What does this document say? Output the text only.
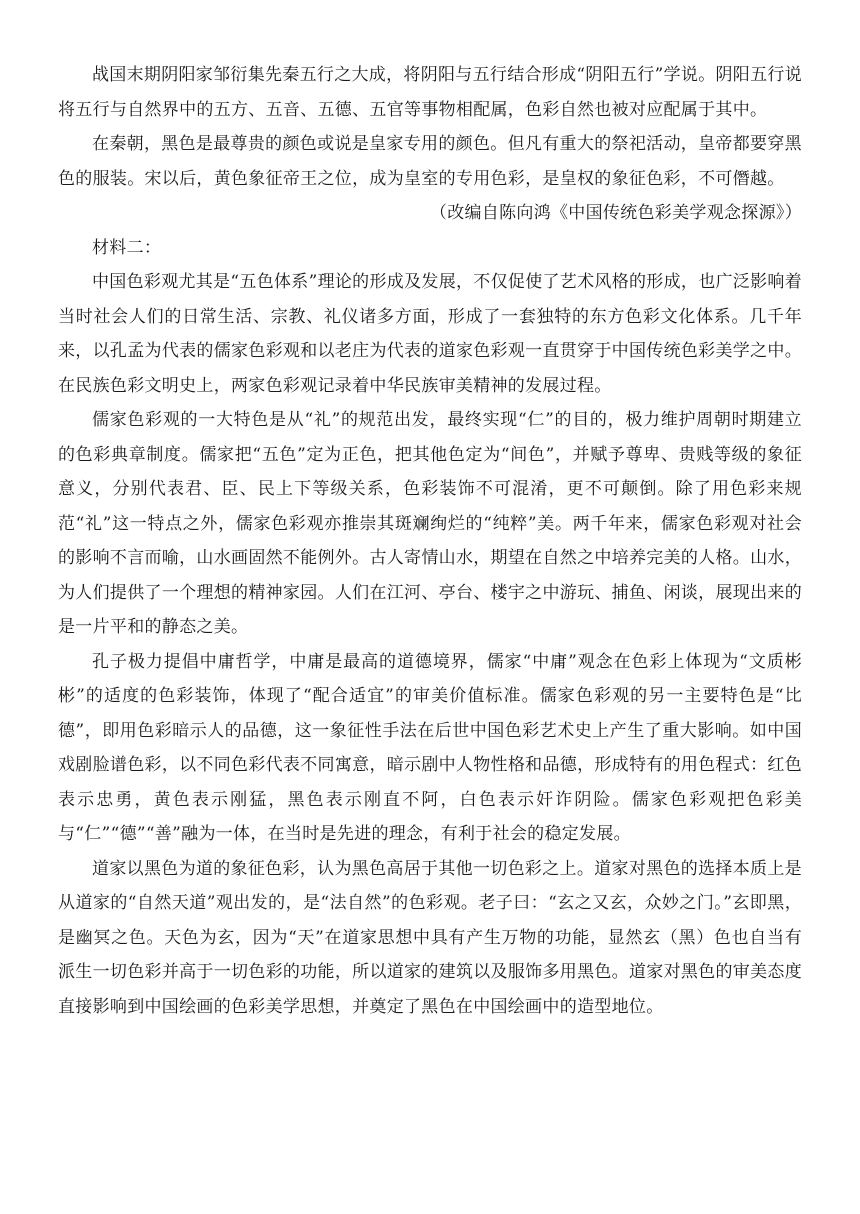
战国末期阴阳家邹衍集先秦五行之大成，将阴阳与五行结合形成“阴阳五行”学说。阴阳五行说将五行与自然界中的五方、五音、五德、五官等事物相配属，色彩自然也被对应配属于其中。

在秦朝，黑色是最尊贵的颜色或说是皇家专用的颜色。但凡有重大的祭祀活动，皇帝都要穿黑色的服装。宋以后，黄色象征帝王之位，成为皇室的专用色彩，是皇权的象征色彩，不可僭越。

（改编自陈向鸿《中国传统色彩美学观念探源》）

材料二：

中国色彩观尤其是“五色体系”理论的形成及发展，不仅促使了艺术风格的形成，也广泛影响着当时社会人们的日常生活、宗教、礼仪诸多方面，形成了一套独特的东方色彩文化体系。几千年来，以孔孟为代表的儒家色彩观和以老庄为代表的道家色彩观一直贯穿于中国传统色彩美学之中。在民族色彩文明史上，两家色彩观记录着中华民族审美精神的发展过程。

儒家色彩观的一大特色是从“礼”的规范出发，最终实现“仁”的目的，极力维护周朝时期建立的色彩典章制度。儒家把“五色”定为正色，把其他色定为“间色”，并赋予尊卑、贵贱等级的象征意义，分别代表君、臣、民上下等级关系，色彩装饰不可混淆，更不可颠倒。除了用色彩来规范“礼”这一特点之外，儒家色彩观亦推崇其斑斓绚烂的“纯粹”美。两千年来，儒家色彩观对社会的影响不言而喻，山水画固然不能例外。古人寄情山水，期望在自然之中培养完美的人格。山水，为人们提供了一个理想的精神家园。人们在江河、亭台、楼宇之中游玩、捕鱼、闲谈，展现出来的是一片平和的静态之美。

孔子极力提倡中庸哲学，中庸是最高的道德境界，儒家“中庸”观念在色彩上体现为“文质彬彬”的适度的色彩装饰，体现了“配合适宜”的审美价值标准。儒家色彩观的另一主要特色是“比德”，即用色彩暗示人的品德，这一象征性手法在后世中国色彩艺术史上产生了重大影响。如中国戏剧脸谱色彩，以不同色彩代表不同寓意，暗示剧中人物性格和品德，形成特有的用色程式：红色表示忠勇，黄色表示刚猛，黑色表示刚直不阿，白色表示奸诈阴险。儒家色彩观把色彩美与“仁”“德”“善”融为一体，在当时是先进的理念，有利于社会的稳定发展。

道家以黑色为道的象征色彩，认为黑色高居于其他一切色彩之上。道家对黑色的选择本质上是从道家的“自然天道”观出发的，是“法自然”的色彩观。老子曰：“玄之又玄，众妙之门。”玄即黑，是幽冥之色。天色为玄，因为“天”在道家思想中具有产生万物的功能，显然玄（黑）色也自当有派生一切色彩并高于一切色彩的功能，所以道家的建筑以及服饰多用黑色。道家对黑色的审美态度直接影响到中国绘画的色彩美学思想，并奠定了黑色在中国绘画中的造型地位。
